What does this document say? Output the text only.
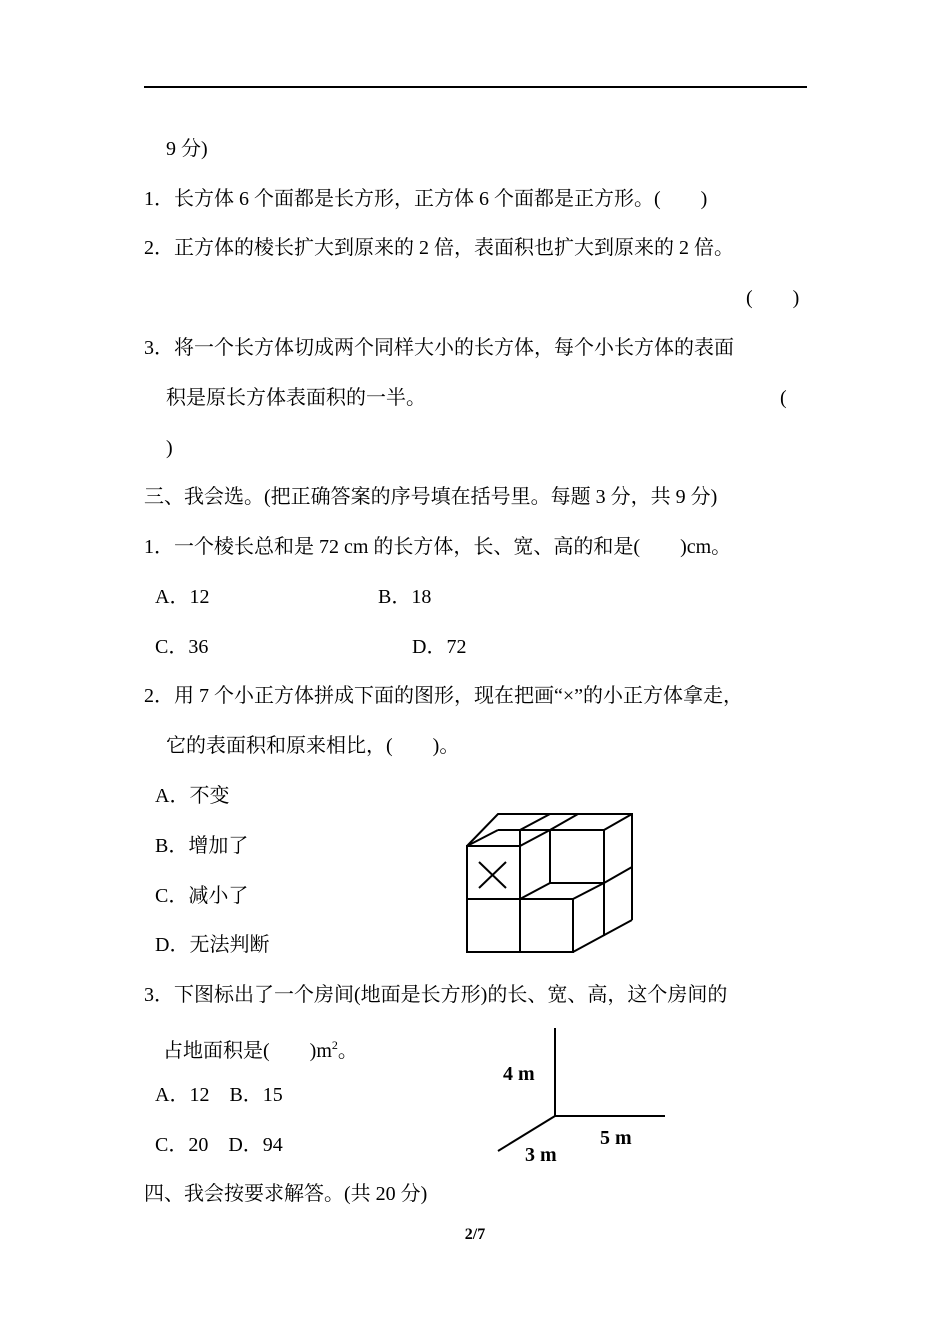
9 分)
1．长方体 6 个面都是长方形，正方体 6 个面都是正方形。(　　)
2．正方体的棱长扩大到原来的 2 倍，表面积也扩大到原来的 2 倍。
(　　)
3．将一个长方体切成两个同样大小的长方体，每个小长方体的表面
积是原长方体表面积的一半。	(
)
三、我会选。(把正确答案的序号填在括号里。每题 3 分，共 9 分)
1．一个棱长总和是 72 cm 的长方体，长、宽、高的和是(　　)cm。
A．12	B．18
C．36	D．72
2．用 7 个小正方体拼成下面的图形，现在把画“×”的小正方体拿走，
它的表面积和原来相比，(　　)。
A．不变
B．增加了
C．减小了
D．无法判断
3．下图标出了一个房间(地面是长方形)的长、宽、高，这个房间的
占地面积是(　　)$m^2$。
A．12　B．15
C．20　D．94
4 m
5 m
3 m
四、我会按要求解答。(共 20 分)
2/7
